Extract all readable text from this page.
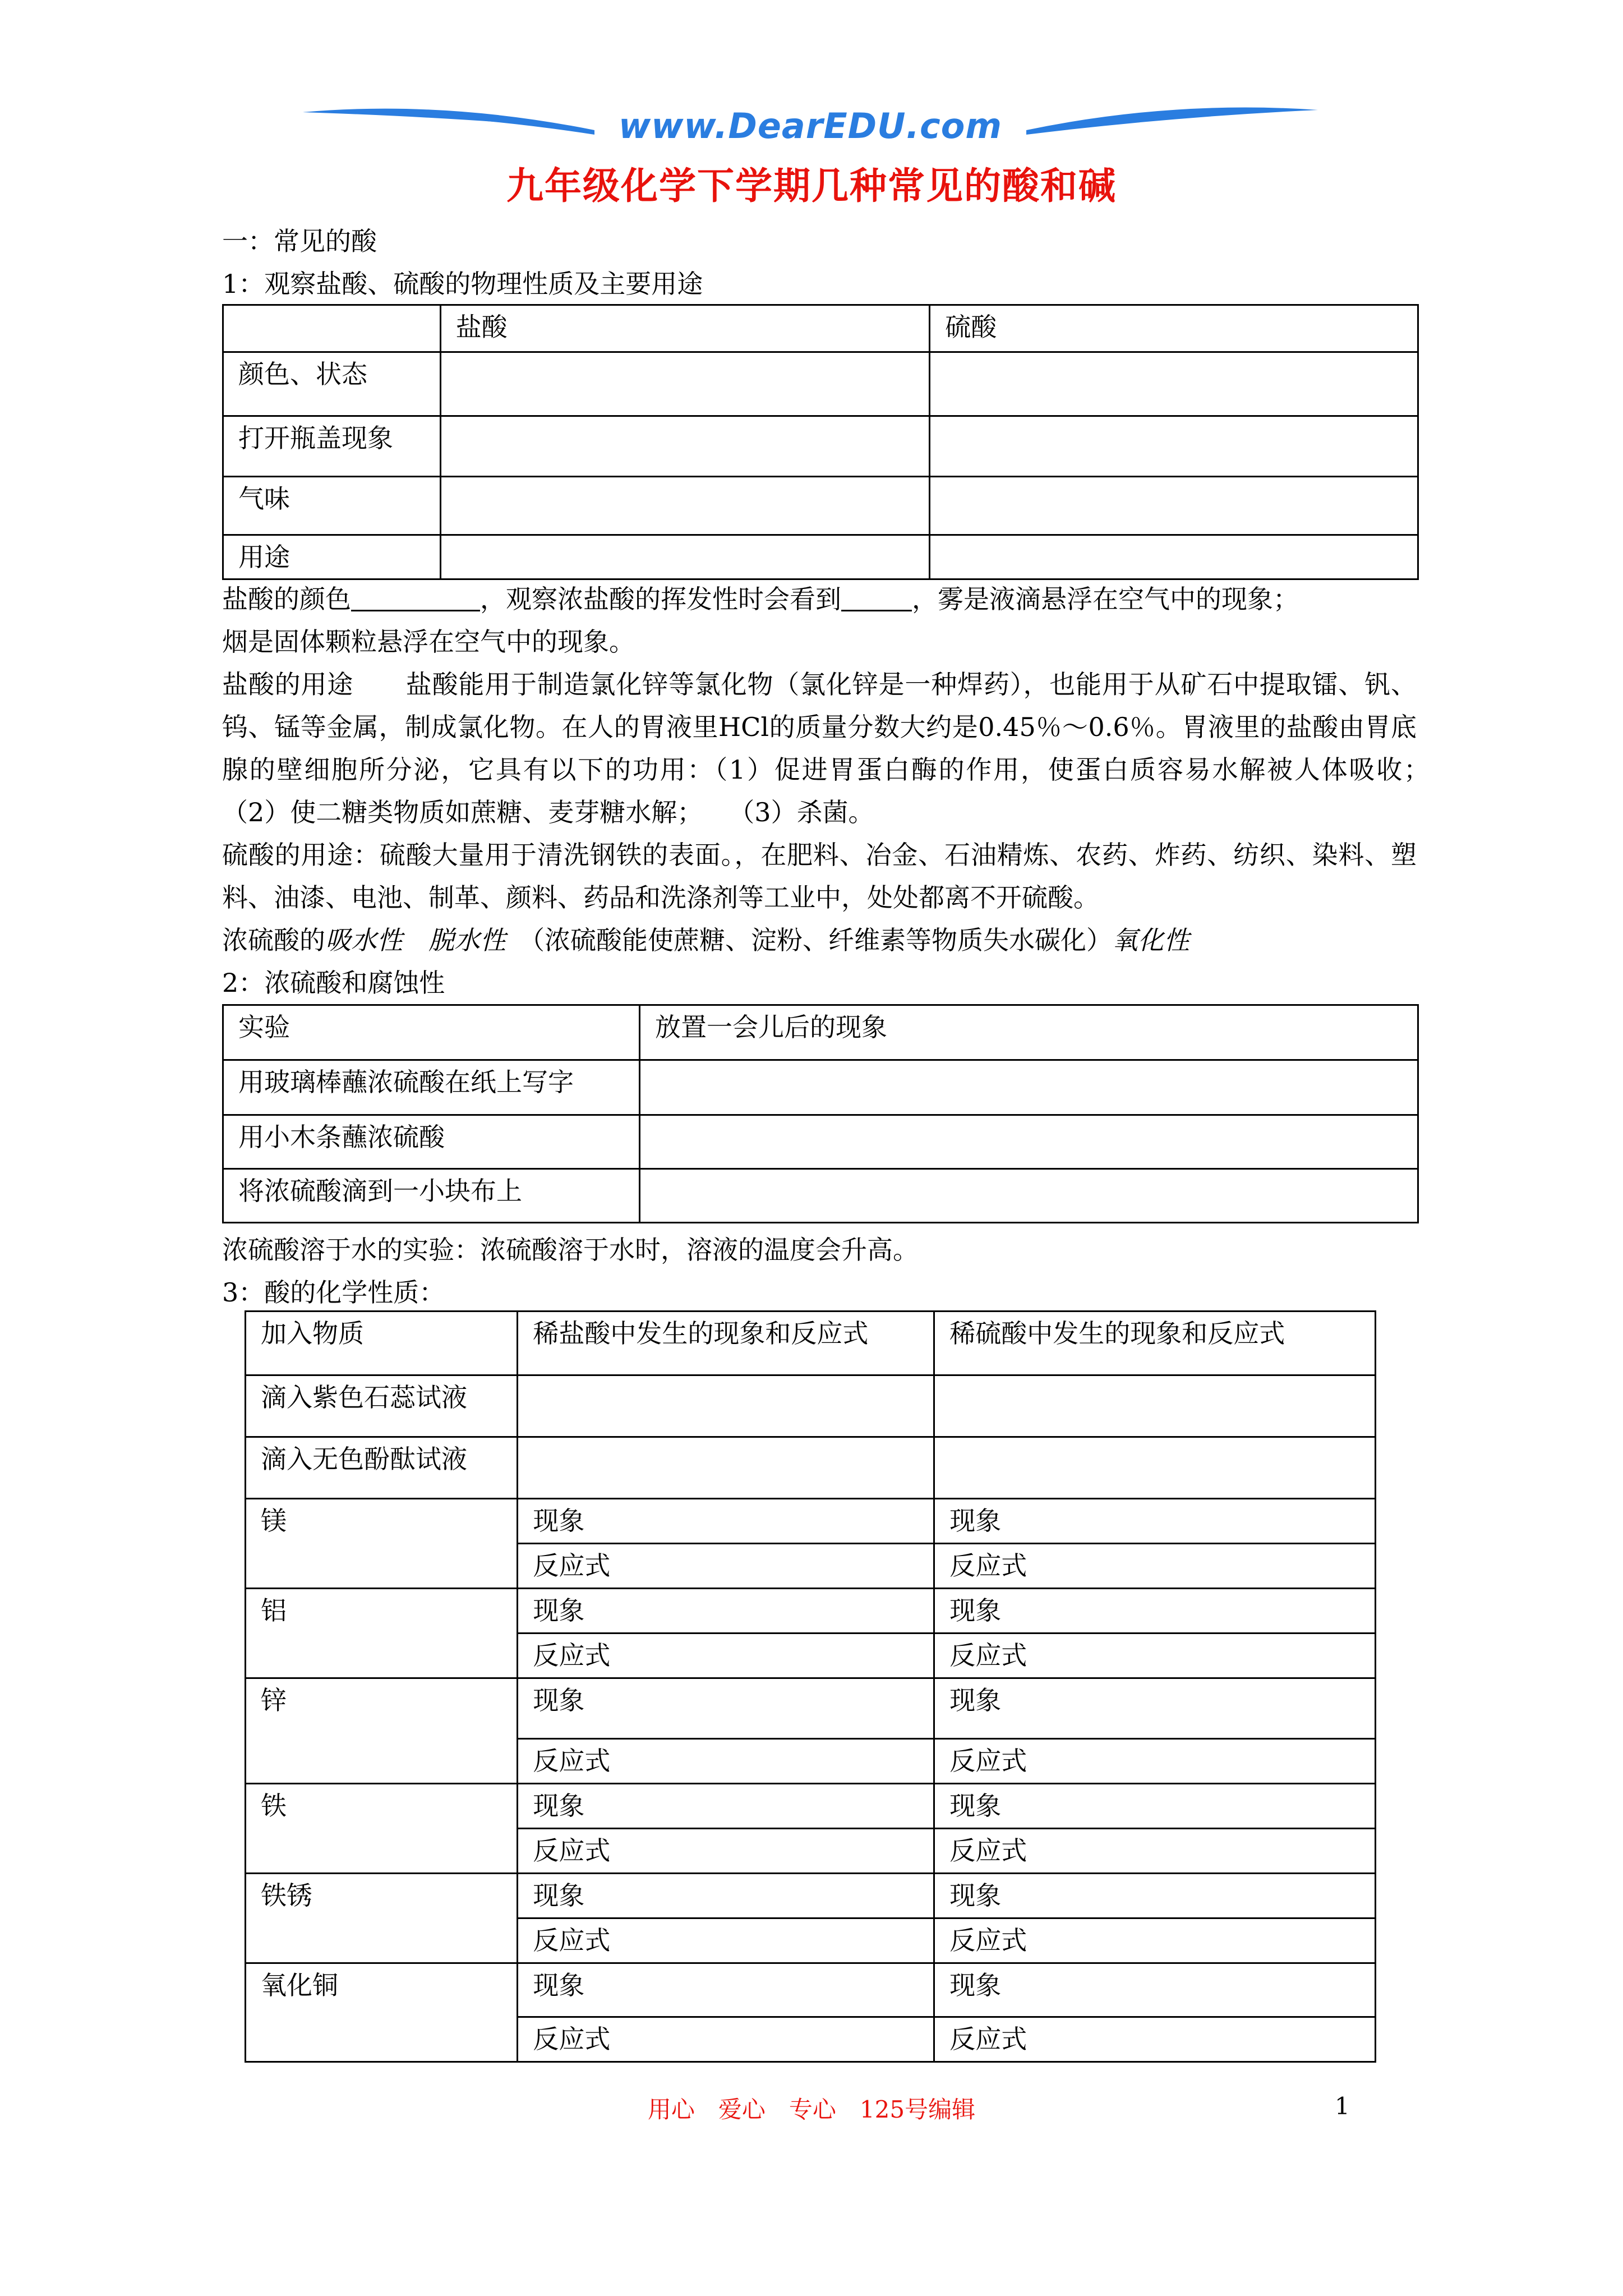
www.DearEDU.com
九年级化学下学期几种常见的酸和碱
一：常见的酸
1：观察盐酸、硫酸的物理性质及主要用途
	盐酸	硫酸
颜色、状态		
打开瓶盖现象		
气味		
用途		
盐酸的颜色	，观察浓盐酸的挥发性时会看到	，雾是液滴悬浮在空气中的现象；
烟是固体颗粒悬浮在空气中的现象。
盐酸的用途　　盐酸能用于制造氯化锌等氯化物（氯化锌是一种焊药），也能用于从矿石中提取镭、钒、钨、锰等金属，制成氯化物。在人的胃液里HCl的质量分数大约是0.45％～0.6％。胃液里的盐酸由胃底腺的壁细胞所分泌，它具有以下的功用：（1）促进胃蛋白酶的作用，使蛋白质容易水解被人体吸收；　　（2）使二糖类物质如蔗糖、麦芽糖水解；　　（3）杀菌。
硫酸的用途：硫酸大量用于清洗钢铁的表面。，在肥料、冶金、石油精炼、农药、炸药、纺织、染料、塑料、油漆、电池、制革、颜料、药品和洗涤剂等工业中，处处都离不开硫酸。
浓硫酸的吸水性　 脱水性　 （浓硫酸能使蔗糖、淀粉、纤维素等物质失水碳化）氧化性
2：浓硫酸和腐蚀性
实验	放置一会儿后的现象
用玻璃棒蘸浓硫酸在纸上写字	
用小木条蘸浓硫酸	
将浓硫酸滴到一小块布上	
浓硫酸溶于水的实验：浓硫酸溶于水时，溶液的温度会升高。
3：酸的化学性质：
加入物质	稀盐酸中发生的现象和反应式	稀硫酸中发生的现象和反应式
滴入紫色石蕊试液		
滴入无色酚酞试液		
镁	现象	现象
	反应式	反应式
铝	现象	现象
	反应式	反应式
锌	现象	现象
	反应式	反应式
铁	现象	现象
	反应式	反应式
铁锈	现象	现象
	反应式	反应式
氧化铜	现象	现象
	反应式	反应式
用心　爱心　专心　125号编辑	1
